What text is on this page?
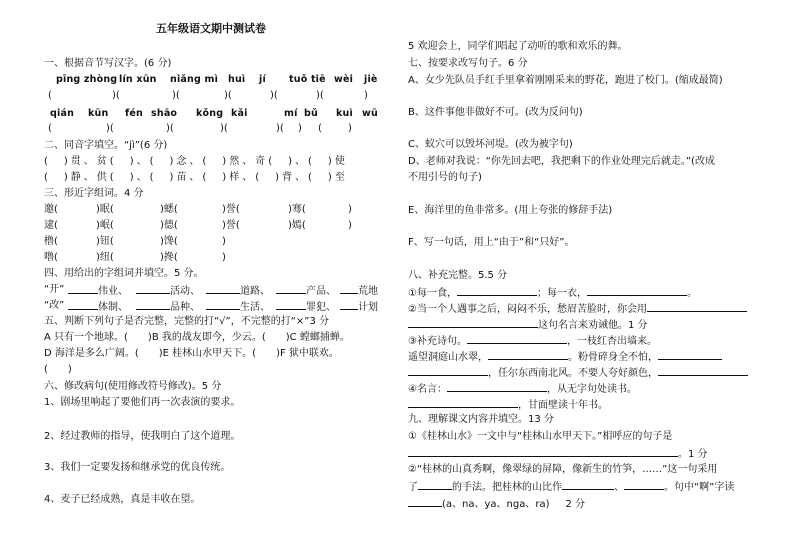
五年级语文期中测试卷
一、根据音节写汉字。(6 分)
pīng zhòng lín xūn niǎng mì huì jí tuǒ tiē wèi jiè
(	)(	)(	)(	)(	)(	)
qián kūn fén shāo kǒng kǎi	mí bǔ kuì wū
(	)(	)(	)(	)( ) (	)
二、同音字填空。“jì”(6 分)
(　)贯、贫(　)、(　)念、(　)然、奇(　)、(　)使
(　)静、供(　)、(　)苗、(　)样、(　)背、(　)至
三、形近字组词。4 分
邀(	)眠(	)蟋(	)誉(	)骞(	)
逮(	)岷(	)德(	)誉(	)嫣(	)
橹(	)钮(	)馋(	)
噜(	)纽(	)搀(	)
四、用给出的字组词并填空。5 分。
“开”	伟业、	活动、	道路、	产品、	荒地
“改”	体制、	品种、	生活、	罪犯、	计划
五、判断下列句子是否完整，完整的打“√”，不完整的打“×”3 分
A 只有一个地球。(　　)B 我的战友即今，少云。(　　)C 螳螂捕蝉。
D 海洋是多么广阔。(　　)E 桂林山水甲天下。(　　)F 狱中联欢。
(　　)
六、修改病句(使用修改符号修改)。5 分
1、剧场里响起了要他们再一次表演的要求。
2、经过教师的指导，使我明白了这个道理。
3、我们一定要发扬和继承党的优良传统。
4、麦子已经成熟，真是丰收在望。
5 欢迎会上，同学们唱起了动听的歌和欢乐的舞。
七、按要求改写句子。6 分
A、女少先队员手红手里拿着刚刚采来的野花，跑进了校门。(缩成最简)
B、这件事他非做好不可。(改为反问句)
C、蚁穴可以毁坏河堤。(改为被字句)
D、老师对我说：“你先回去吧，我把剩下的作业处理完后就走。”(改成
不用引号的句子)
E、海洋里的鱼非常多。(用上夸张的修辞手法)
F、写一句话，用上“由于”和“只好”。
八、补充完整。5.5 分
①每一食，	；每一衣，	。
②当一个人遇事之后，闷闷不乐，愁眉苦脸时，你会用
这句名言来劝诫他。1 分
③补充诗句。	，一枝红杏出墙来。
遥望洞庭山水翠，	。粉骨碎身全不怕，
，任尔东西南北风。不要人夸好颜色，
④名言：	，从无字句处读书。
，甘面壁读十年书。
九、理解课文内容并填空。13 分
①《桂林山水》一文中与“桂林山水甲天下。”相呼应的句子是
。1 分
②“桂林的山真秀啊，像翠绿的屏障，像新生的竹笋，……”这一句采用
了	的手法。把桂林的山比作	、	。句中“啊”字读
(a、na、ya、nga、ra) 2 分
